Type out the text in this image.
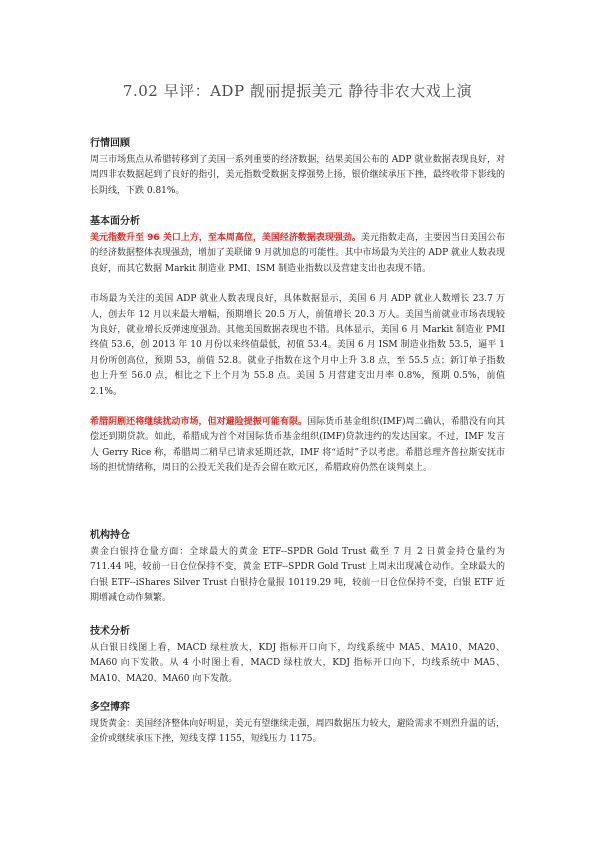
7.02 早评：ADP 靓丽提振美元 静待非农大戏上演
行情回顾

周三市场焦点从希腊转移到了美国一系列重要的经济数据，结果美国公布的 ADP 就业数据表现良好，对周四非农数据起到了良好的指引，美元指数受数据支撑强势上扬，银价继续承压下挫，最终收带下影线的长阴线，下跌 0.81%。

基本面分析

美元指数升至 96 关口上方，至本周高位，美国经济数据表现强劲。美元指数走高，主要因当日美国公布的经济数据整体表现强劲，增加了美联储 9 月就加息的可能性。其中市场最为关注的 ADP 就业人数表现良好，而其它数据 Markit 制造业 PMI、ISM 制造业指数以及营建支出也表现不错。

市场最为关注的美国 ADP 就业人数表现良好，具体数据显示，美国 6 月 ADP 就业人数增长 23.7 万人，创去年 12 月以来最大增幅，预期增长 20.5 万人，前值增长 20.3 万人。美国当前就业市场表现较为良好，就业增长反弹速度强劲。其他美国数据表现也不错。具体显示，美国 6 月 Markit 制造业 PMI 终值 53.6，创 2013 年 10 月份以来终值最低，初值 53.4。美国 6 月 ISM 制造业指数 53.5，逼平 1 月份所创高位，预期 53，前值 52.8。就业子指数在这个月中上升 3.8 点，至 55.5 点；新订单子指数也上升至 56.0 点，相比之下上个月为 55.8 点。美国 5 月营建支出月率 0.8%，预期 0.5%，前值 2.1%。

希腊阴剧还将继续扰动市场，但对避险提振可能有限。国际货币基金组织(IMF)周二确认，希腊没有向其偿还到期贷款。如此，希腊成为首个对国际货币基金组织(IMF)贷款违约的发达国家。不过，IMF 发言人 Gerry Rice 称，希腊周二稍早已请求延期还款，IMF 将“适时”予以考虑。希腊总理齐普拉斯安抚市场的担忧情绪称，周日的公投无关我们是否会留在欧元区，希腊政府仍然在谈判桌上。

机构持仓

黄金白银持仓量方面：全球最大的黄金 ETF--SPDR Gold Trust 截至 7 月 2 日黄金持仓量约为 711.44 吨，较前一日仓位保持不变，黄金 ETF--SPDR Gold Trust 上周末出现减仓动作。全球最大的白银 ETF--iShares Silver Trust 白银持仓量报 10119.29 吨，较前一日仓位保持不变，白银 ETF 近期增减仓动作频繁。

技术分析

从白银日线图上看，MACD 绿柱放大，KDJ 指标开口向下，均线系统中 MA5、MA10、MA20、MA60 向下发散。从 4 小时图上看，MACD 绿柱放大，KDJ 指标开口向下，均线系统中 MA5、MA10、MA20、MA60 向下发散。

多空博弈

现货黄金：美国经济整体向好明显，美元有望继续走强，周四数据压力较大，避险需求不则烈升温的话，金价或继续承压下挫，短线支撑 1155，短线压力 1175。
